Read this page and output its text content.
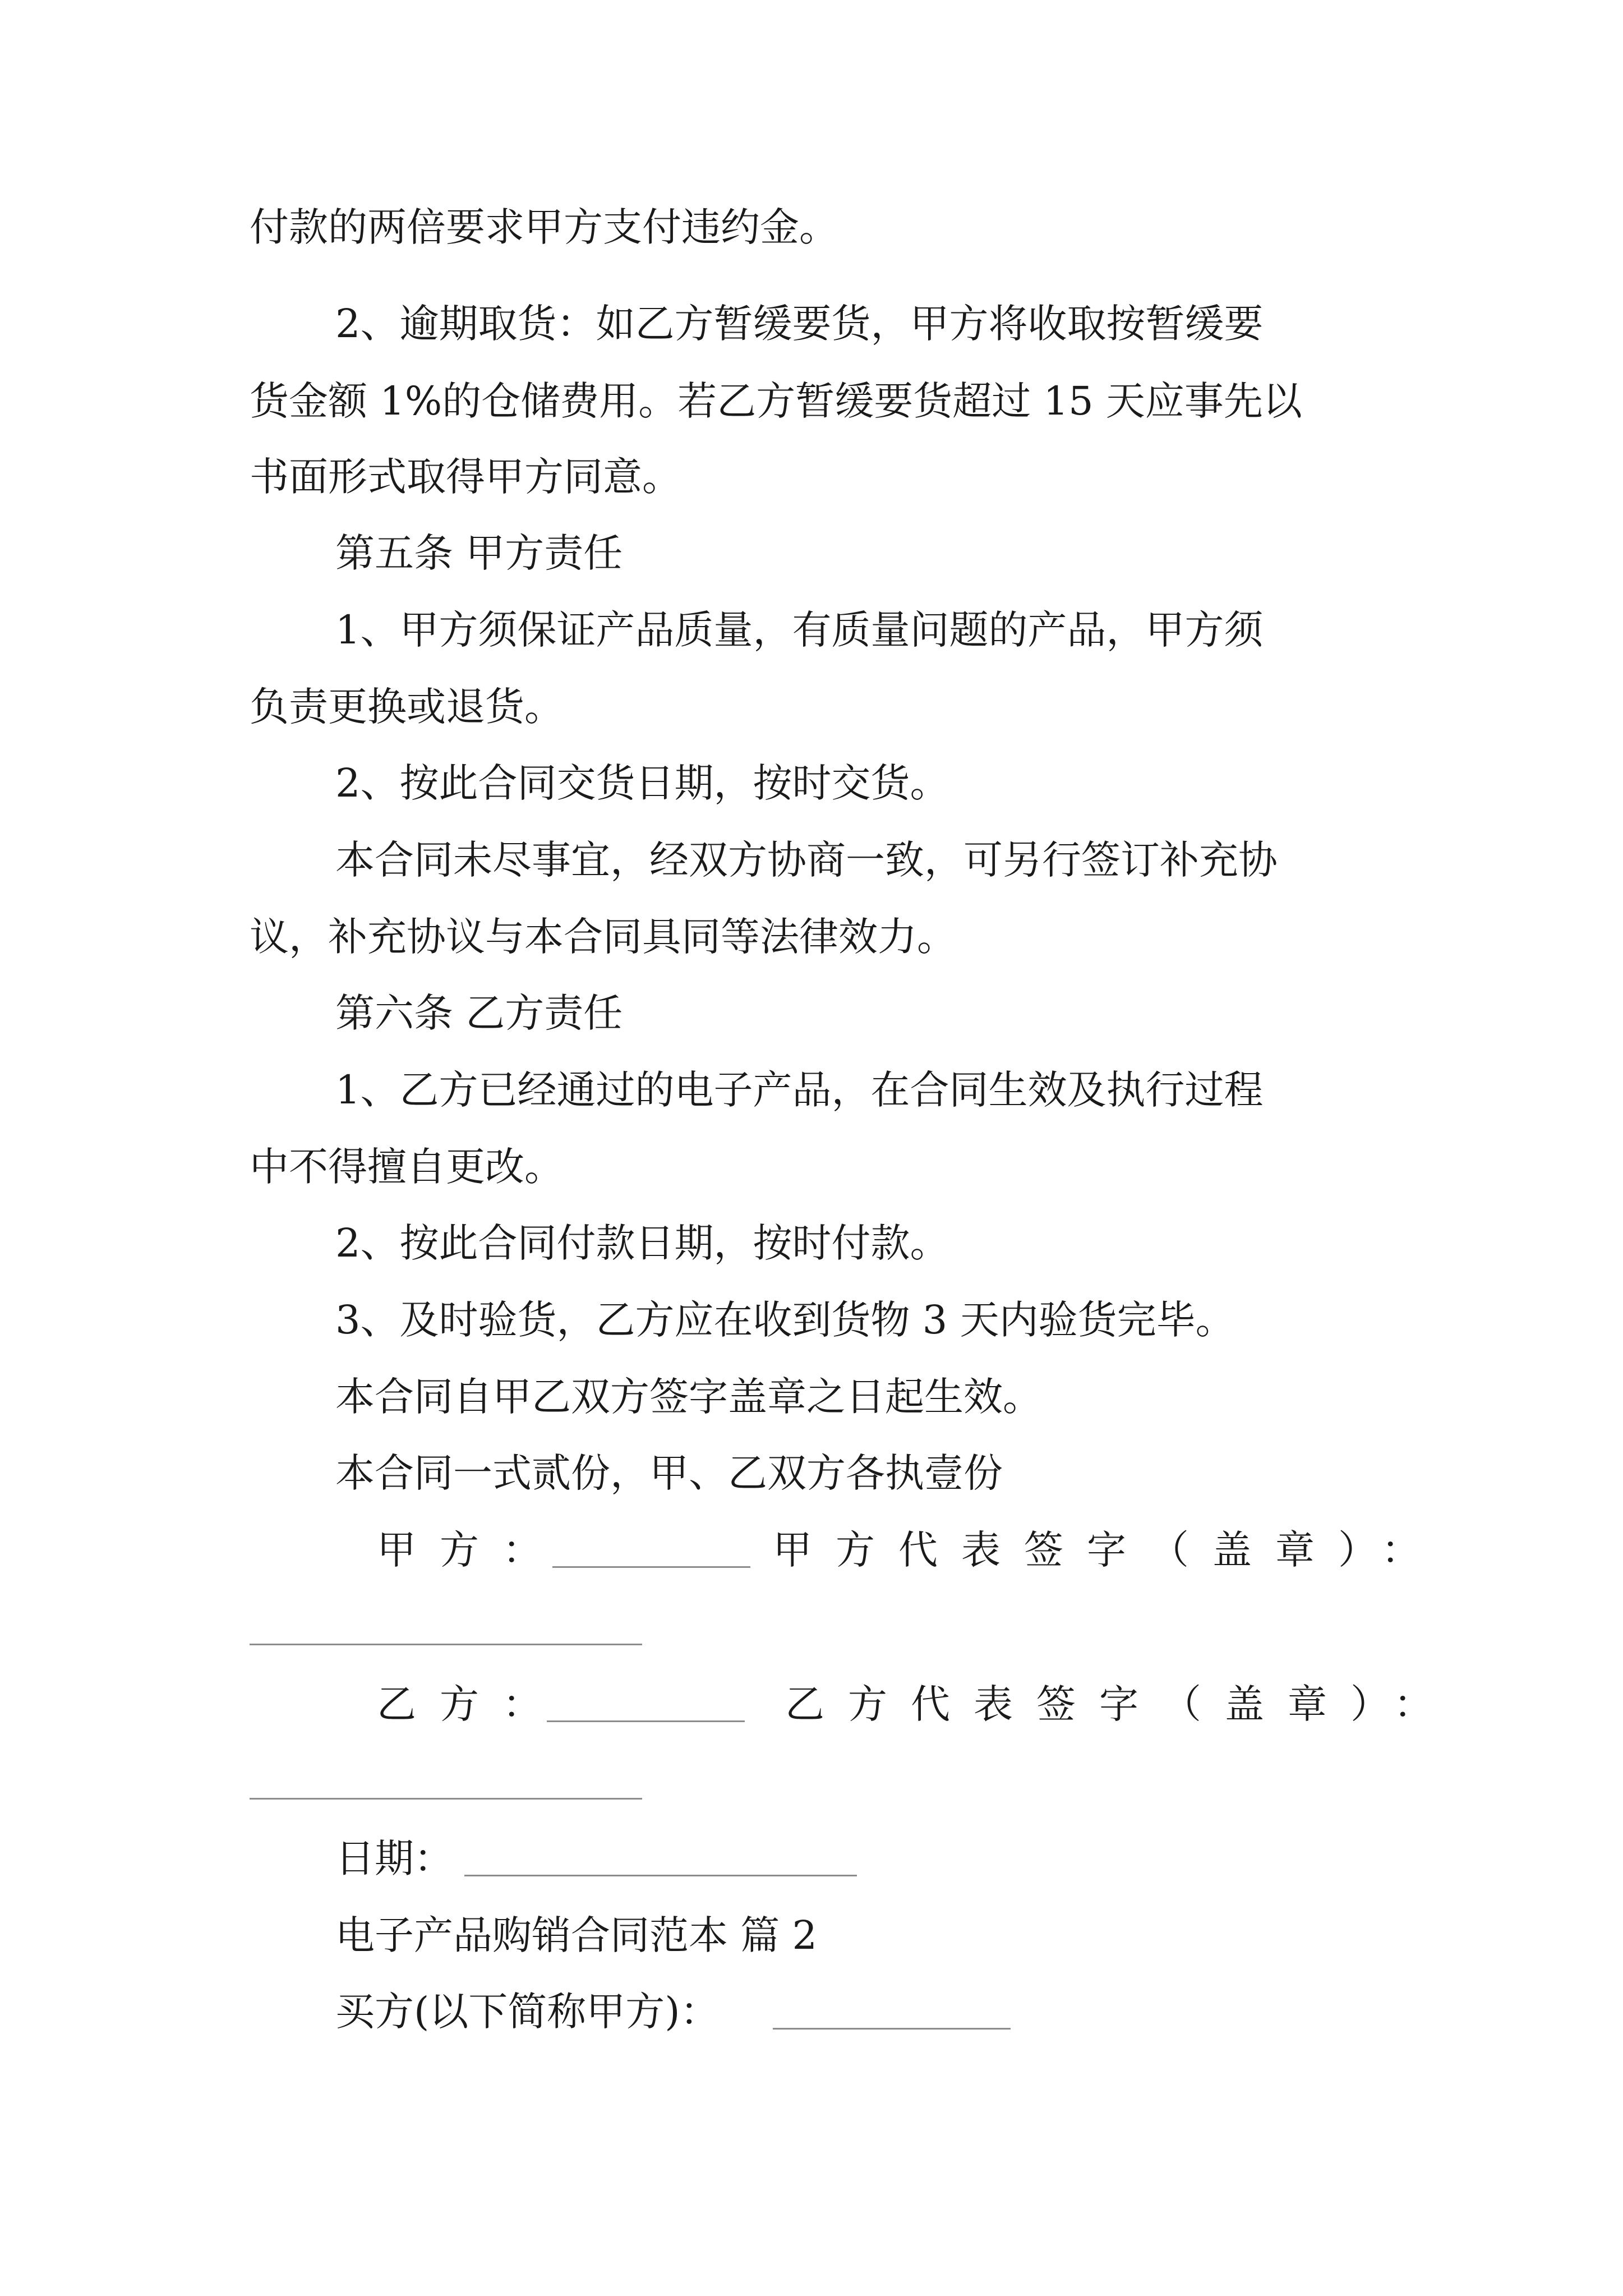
付款的两倍要求甲方支付违约金。
2、逾期取货：如乙方暂缓要货，甲方将收取按暂缓要
货金额 1%的仓储费用。若乙方暂缓要货超过 15 天应事先以
书面形式取得甲方同意。
第五条 甲方责任
1、甲方须保证产品质量，有质量问题的产品，甲方须
负责更换或退货。
2、按此合同交货日期，按时交货。
本合同未尽事宜，经双方协商一致，可另行签订补充协
议，补充协议与本合同具同等法律效力。
第六条 乙方责任
1、乙方已经通过的电子产品，在合同生效及执行过程
中不得擅自更改。
2、按此合同付款日期，按时付款。
3、及时验货，乙方应在收到货物 3 天内验货完毕。
本合同自甲乙双方签字盖章之日起生效。
本合同一式贰份，甲、乙双方各执壹份
甲方：	甲方代表签字（盖章）：
乙方：	乙方代表签字（盖章）：
日期：
电子产品购销合同范本 篇 2
买方(以下简称甲方)：
